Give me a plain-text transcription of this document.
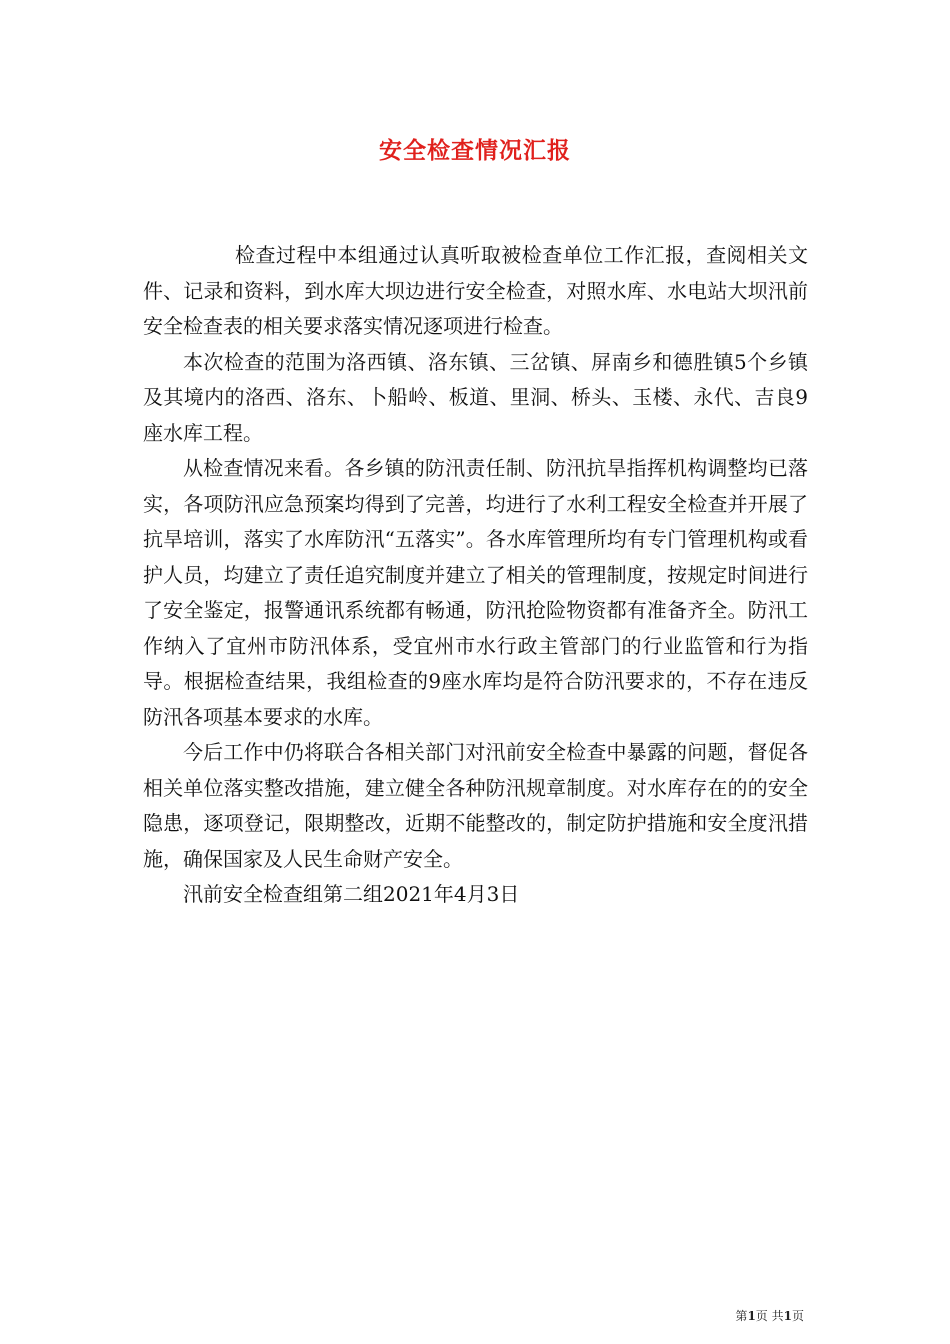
安全检查情况汇报

检查过程中本组通过认真听取被检查单位工作汇报，查阅相关文件、记录和资料，到水库大坝边进行安全检查，对照水库、水电站大坝汛前安全检查表的相关要求落实情况逐项进行检查。

本次检查的范围为洛西镇、洛东镇、三岔镇、屏南乡和德胜镇5个乡镇及其境内的洛西、洛东、卜船岭、板道、里洞、桥头、玉楼、永代、吉良9座水库工程。

从检查情况来看。各乡镇的防汛责任制、防汛抗旱指挥机构调整均已落实，各项防汛应急预案均得到了完善，均进行了水利工程安全检查并开展了抗旱培训，落实了水库防汛“五落实”。各水库管理所均有专门管理机构或看护人员，均建立了责任追究制度并建立了相关的管理制度，按规定时间进行了安全鉴定，报警通讯系统都有畅通，防汛抢险物资都有准备齐全。防汛工作纳入了宜州市防汛体系，受宜州市水行政主管部门的行业监管和行为指导。根据检查结果，我组检查的9座水库均是符合防汛要求的，不存在违反防汛各项基本要求的水库。

今后工作中仍将联合各相关部门对汛前安全检查中暴露的问题，督促各相关单位落实整改措施，建立健全各种防汛规章制度。对水库存在的的安全隐患，逐项登记，限期整改，近期不能整改的，制定防护措施和安全度汛措施，确保国家及人民生命财产安全。

汛前安全检查组第二组2021年4月3日

第1页 共1页
